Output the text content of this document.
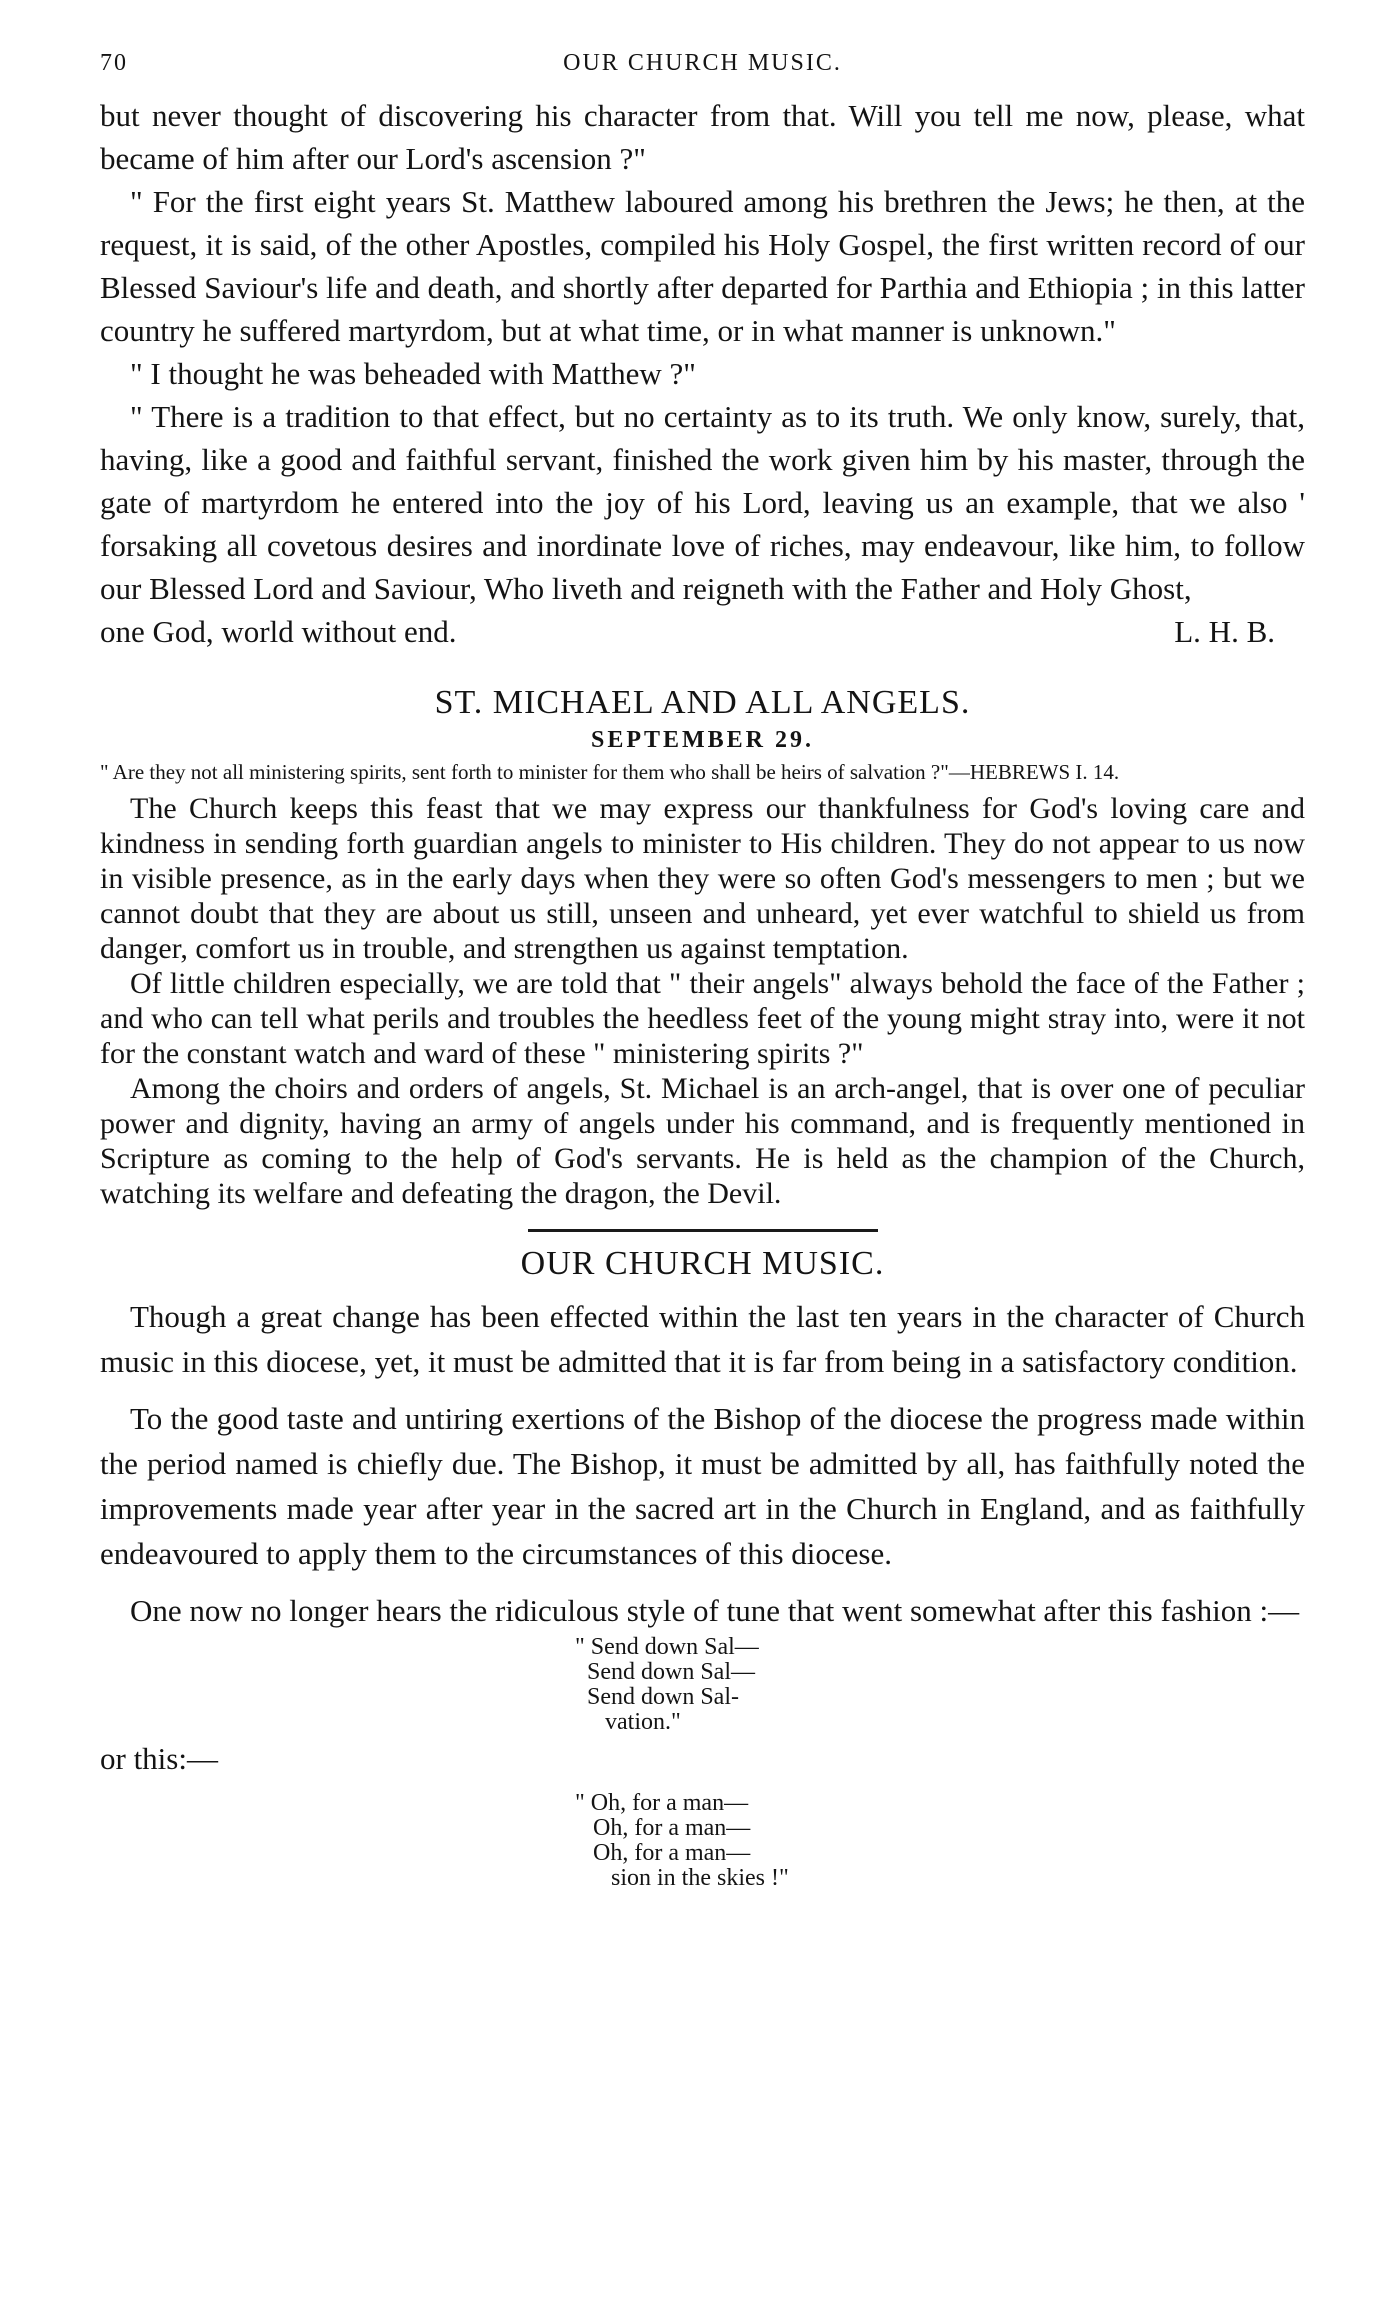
70	OUR CHURCH MUSIC.

but never thought of discovering his character from that. Will you tell me now, please, what became of him after our Lord's ascension ?"

" For the first eight years St. Matthew laboured among his brethren the Jews; he then, at the request, it is said, of the other Apostles, compiled his Holy Gospel, the first written record of our Blessed Saviour's life and death, and shortly after departed for Parthia and Ethiopia ; in this latter country he suffered martyrdom, but at what time, or in what manner is unknown."

" I thought he was beheaded with Matthew ?"

" There is a tradition to that effect, but no certainty as to its truth. We only know, surely, that, having, like a good and faithful servant, finished the work given him by his master, through the gate of martyrdom he entered into the joy of his Lord, leaving us an example, that we also ' forsaking all covetous desires and inordinate love of riches, may endeavour, like him, to follow our Blessed Lord and Saviour, Who liveth and reigneth with the Father and Holy Ghost,

one God, world without end.	L. H. B.
ST. MICHAEL AND ALL ANGELS.
SEPTEMBER 29.

" Are they not all ministering spirits, sent forth to minister for them who shall be heirs of salvation ?"—HEBREWS I. 14.

The Church keeps this feast that we may express our thankfulness for God's loving care and kindness in sending forth guardian angels to minister to His children. They do not appear to us now in visible presence, as in the early days when they were so often God's messengers to men ; but we cannot doubt that they are about us still, unseen and unheard, yet ever watchful to shield us from danger, comfort us in trouble, and strengthen us against temptation.

Of little children especially, we are told that " their angels" always behold the face of the Father ; and who can tell what perils and troubles the heedless feet of the young might stray into, were it not for the constant watch and ward of these " ministering spirits ?"

Among the choirs and orders of angels, St. Michael is an arch-angel, that is over one of peculiar power and dignity, having an army of angels under his command, and is frequently mentioned in Scripture as coming to the help of God's servants. He is held as the champion of the Church, watching its welfare and defeating the dragon, the Devil.

OUR CHURCH MUSIC.

Though a great change has been effected within the last ten years in the character of Church music in this diocese, yet, it must be admitted that it is far from being in a satisfactory condition.

To the good taste and untiring exertions of the Bishop of the diocese the progress made within the period named is chiefly due. The Bishop, it must be admitted by all, has faithfully noted the improvements made year after year in the sacred art in the Church in England, and as faithfully endeavoured to apply them to the circumstances of this diocese.

One now no longer hears the ridiculous style of tune that went somewhat after this fashion :—

" Send down Sal—
Send down Sal—
Send down Sal-
vation."
or this:—
" Oh, for a man—
Oh, for a man—
Oh, for a man—
sion in the skies !"
